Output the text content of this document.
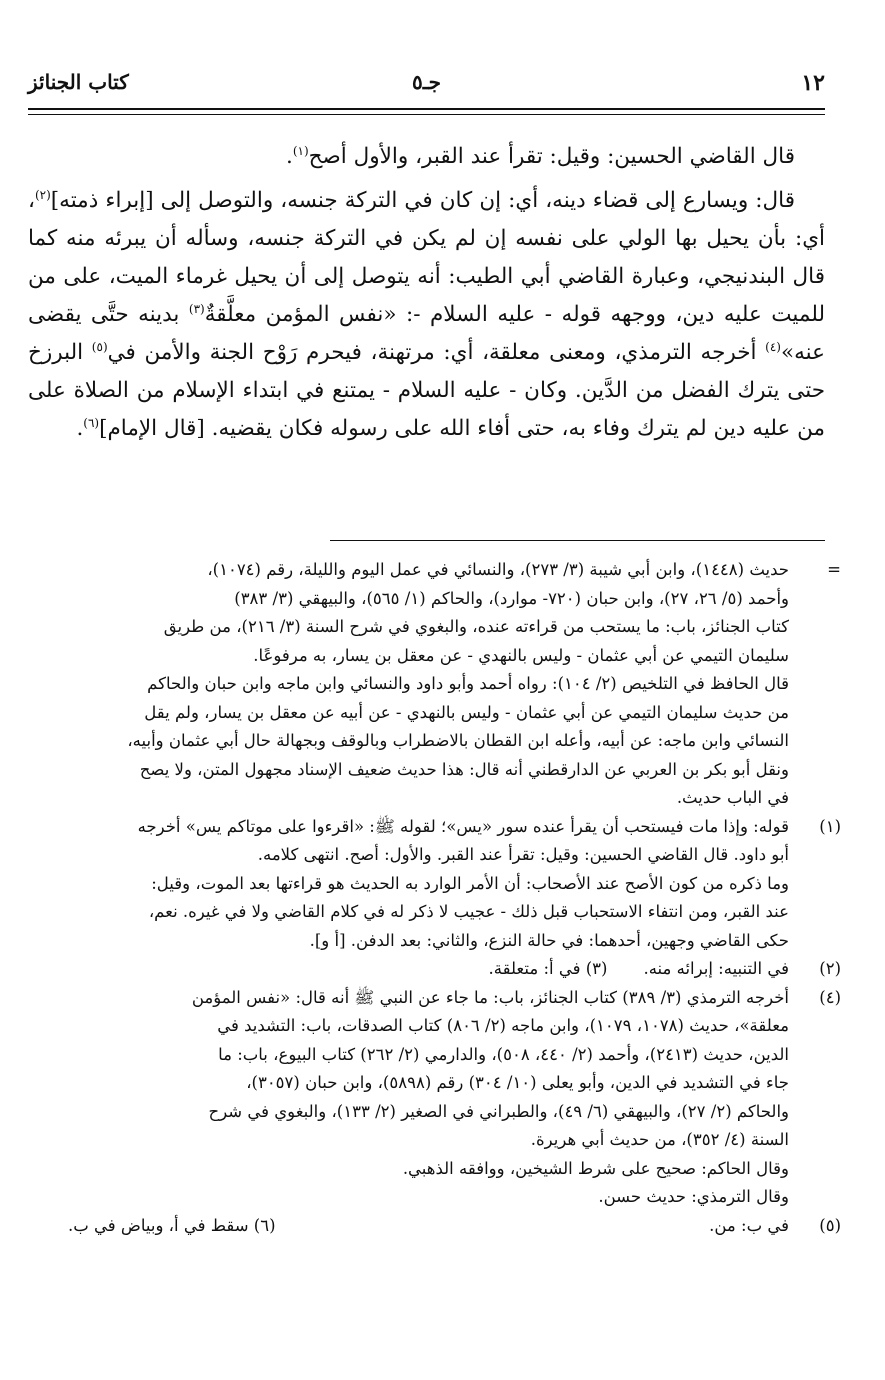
١٢
جـ٥
كتاب الجنائز

قال القاضي الحسين: وقيل: تقرأ عند القبر، والأول أصح$^{(١)}$.

قال: ويسارع إلى قضاء دينه، أي: إن كان في التركة جنسه، والتوصل إلى [إبراء ذمته]$^{(٢)}$، أي: بأن يحيل بها الولي على نفسه إن لم يكن في التركة جنسه، وسأله أن يبرئه منه كما قال البندنيجي، وعبارة القاضي أبي الطيب: أنه يتوصل إلى أن يحيل غرماء الميت، على من للميت عليه دين، ووجهه قوله - عليه السلام -: «نفس المؤمن معلَّقةٌ$^{(٣)}$ بدينه حتَّى يقضى عنه»$^{(٤)}$ أخرجه الترمذي، ومعنى معلقة، أي: مرتهنة، فيحرم رَوْح الجنة والأمن في$^{(٥)}$ البرزخ حتى يترك الفضل من الدَّين. وكان - عليه السلام - يمتنع في ابتداء الإسلام من الصلاة على من عليه دين لم يترك وفاء به، حتى أفاء الله على رسوله فكان يقضيه. [قال الإمام]$^{(٦)}$.

=
حديث (١٤٤٨)، وابن أبي شيبة (٣/ ٢٧٣)، والنسائي في عمل اليوم والليلة، رقم (١٠٧٤)،
وأحمد (٥/ ٢٦، ٢٧)، وابن حبان (٧٢٠- موارد)، والحاكم (١/ ٥٦٥)، والبيهقي (٣/ ٣٨٣)
كتاب الجنائز، باب: ما يستحب من قراءته عنده، والبغوي في شرح السنة (٣/ ٢١٦)، من طريق
سليمان التيمي عن أبي عثمان - وليس بالنهدي - عن معقل بن يسار، به مرفوعًا.
قال الحافظ في التلخيص (٢/ ١٠٤): رواه أحمد وأبو داود والنسائي وابن ماجه وابن حبان والحاكم
من حديث سليمان التيمي عن أبي عثمان - وليس بالنهدي - عن أبيه عن معقل بن يسار، ولم يقل
النسائي وابن ماجه: عن أبيه، وأعله ابن القطان بالاضطراب وبالوقف وبجهالة حال أبي عثمان وأبيه،
ونقل أبو بكر بن العربي عن الدارقطني أنه قال: هذا حديث ضعيف الإسناد مجهول المتن، ولا يصح
في الباب حديث.
(١)
قوله: وإذا مات فيستحب أن يقرأ عنده سور «يس»؛ لقوله ﷺ: «اقرءوا على موتاكم يس» أخرجه
أبو داود. قال القاضي الحسين: وقيل: تقرأ عند القبر. والأول: أصح. انتهى كلامه.
وما ذكره من كون الأصح عند الأصحاب: أن الأمر الوارد به الحديث هو قراءتها بعد الموت، وقيل:
عند القبر، ومن انتفاء الاستحباب قبل ذلك - عجيب لا ذكر له في كلام القاضي ولا في غيره. نعم،
حكى القاضي وجهين، أحدهما: في حالة النزع، والثاني: بعد الدفن. [أ و].
(٢)
في التنبيه: إبرائه منه.
(٣) في أ: متعلقة.
(٤)
أخرجه الترمذي (٣/ ٣٨٩) كتاب الجنائز، باب: ما جاء عن النبي ﷺ أنه قال: «نفس المؤمن
معلقة»، حديث (١٠٧٨، ١٠٧٩)، وابن ماجه (٢/ ٨٠٦) كتاب الصدقات، باب: التشديد في
الدين، حديث (٢٤١٣)، وأحمد (٢/ ٤٤٠، ٥٠٨)، والدارمي (٢/ ٢٦٢) كتاب البيوع، باب: ما
جاء في التشديد في الدين، وأبو يعلى (١٠/ ٣٠٤) رقم (٥٨٩٨)، وابن حبان (٣٠٥٧)،
والحاكم (٢/ ٢٧)، والبيهقي (٦/ ٤٩)، والطبراني في الصغير (٢/ ١٣٣)، والبغوي في شرح
السنة (٤/ ٣٥٢)، من حديث أبي هريرة.
وقال الحاكم: صحيح على شرط الشيخين، ووافقه الذهبي.
وقال الترمذي: حديث حسن.
(٥)
في ب: من.
(٦) سقط في أ، وبياض في ب.
